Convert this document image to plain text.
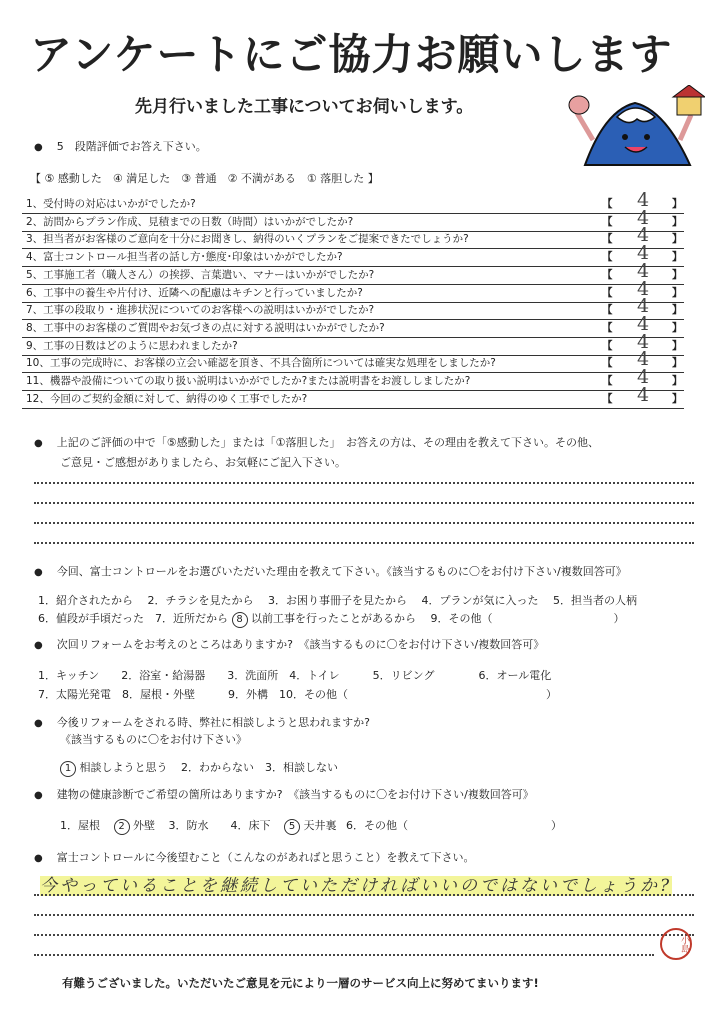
アンケートにご協力お願いします
先月行いました工事についてお伺いします。
● 5　段階評価でお答え下さい。
【 ⑤ 感動した　④ 満足した　③ 普通　② 不満がある　① 落胆した 】
1、受付時の対応はいかがでしたか?	【	4	】
2、訪問からプラン作成、見積までの日数（時間）はいかがでしたか?	【	4	】
3、担当者がお客様のご意向を十分にお聞きし、納得のいくプランをご提案できたでしょうか?	【	4	】
4、富士コントロール担当者の話し方･態度･印象はいかがでしたか?	【	4	】
5、工事施工者（職人さん）の挨拶、言葉遣い、マナーはいかがでしたか?	【	4	】
6、工事中の養生や片付け、近隣への配慮はキチンと行っていましたか?	【	4	】
7、工事の段取り・進捗状況についてのお客様への説明はいかがでしたか?	【	4	】
8、工事中のお客様のご質問やお気づきの点に対する説明はいかがでしたか?	【	4	】
9、工事の日数はどのように思われましたか?	【	4	】
10、工事の完成時に、お客様の立会い確認を頂き、不具合箇所については確実な処理をしましたか?	【	4	】
11、機器や設備についての取り扱い説明はいかがでしたか?または説明書をお渡ししましたか?	【	4	】
12、今回のご契約金額に対して、納得のゆく工事でしたか?	【	4	】
● 上記のご評価の中で「⑤感動した」または「①落胆した」　お答えの方は、その理由を教えて下さい。その他、
ご意見・ご感想がありましたら、お気軽にご記入下さい。
● 今回、富士コントロールをお選びいただいた理由を教えて下さい。《該当するものに〇をお付け下さい/複数回答可》
1．紹介されたから　 2．チラシを見たから　 3．お困り事冊子を見たから　 4．プランが気に入った　 5．担当者の人柄
6．値段が手頃だった　7．近所だから 8 以前工事を行ったことがあるから　 9．その他（　　　　　　　　　　　）
● 次回リフォームをお考えのところはありますか?　《該当するものに〇をお付け下さい/複数回答可》
1．キッチン　　2．浴室・給湯器　　3．洗面所　4．トイレ　　　5．リビング　　　　6．オール電化
7．太陽光発電　8．屋根・外壁　　　9．外構　10．その他（　　　　　　　　　　　　　　　　　　）
● 今後リフォームをされる時、弊社に相談しようと思われますか?
《該当するものに〇をお付け下さい》
1 相談しようと思う 2．わからない　3．相談しない
● 建物の健康診断でご希望の箇所はありますか?　《該当するものに〇をお付け下さい/複数回答可》
1．屋根 2 外壁 3．防水　　4．床下 5 天井裏 6．その他（　　　　　　　　　　　　　）
● 富士コントロールに今後望むこと（こんなのがあればと思うこと）を教えて下さい。
今やっていることを継続していただければいいのではないでしょうか?
小島
有難うございました。いただいたご意見を元により一層のサービス向上に努めてまいります!
